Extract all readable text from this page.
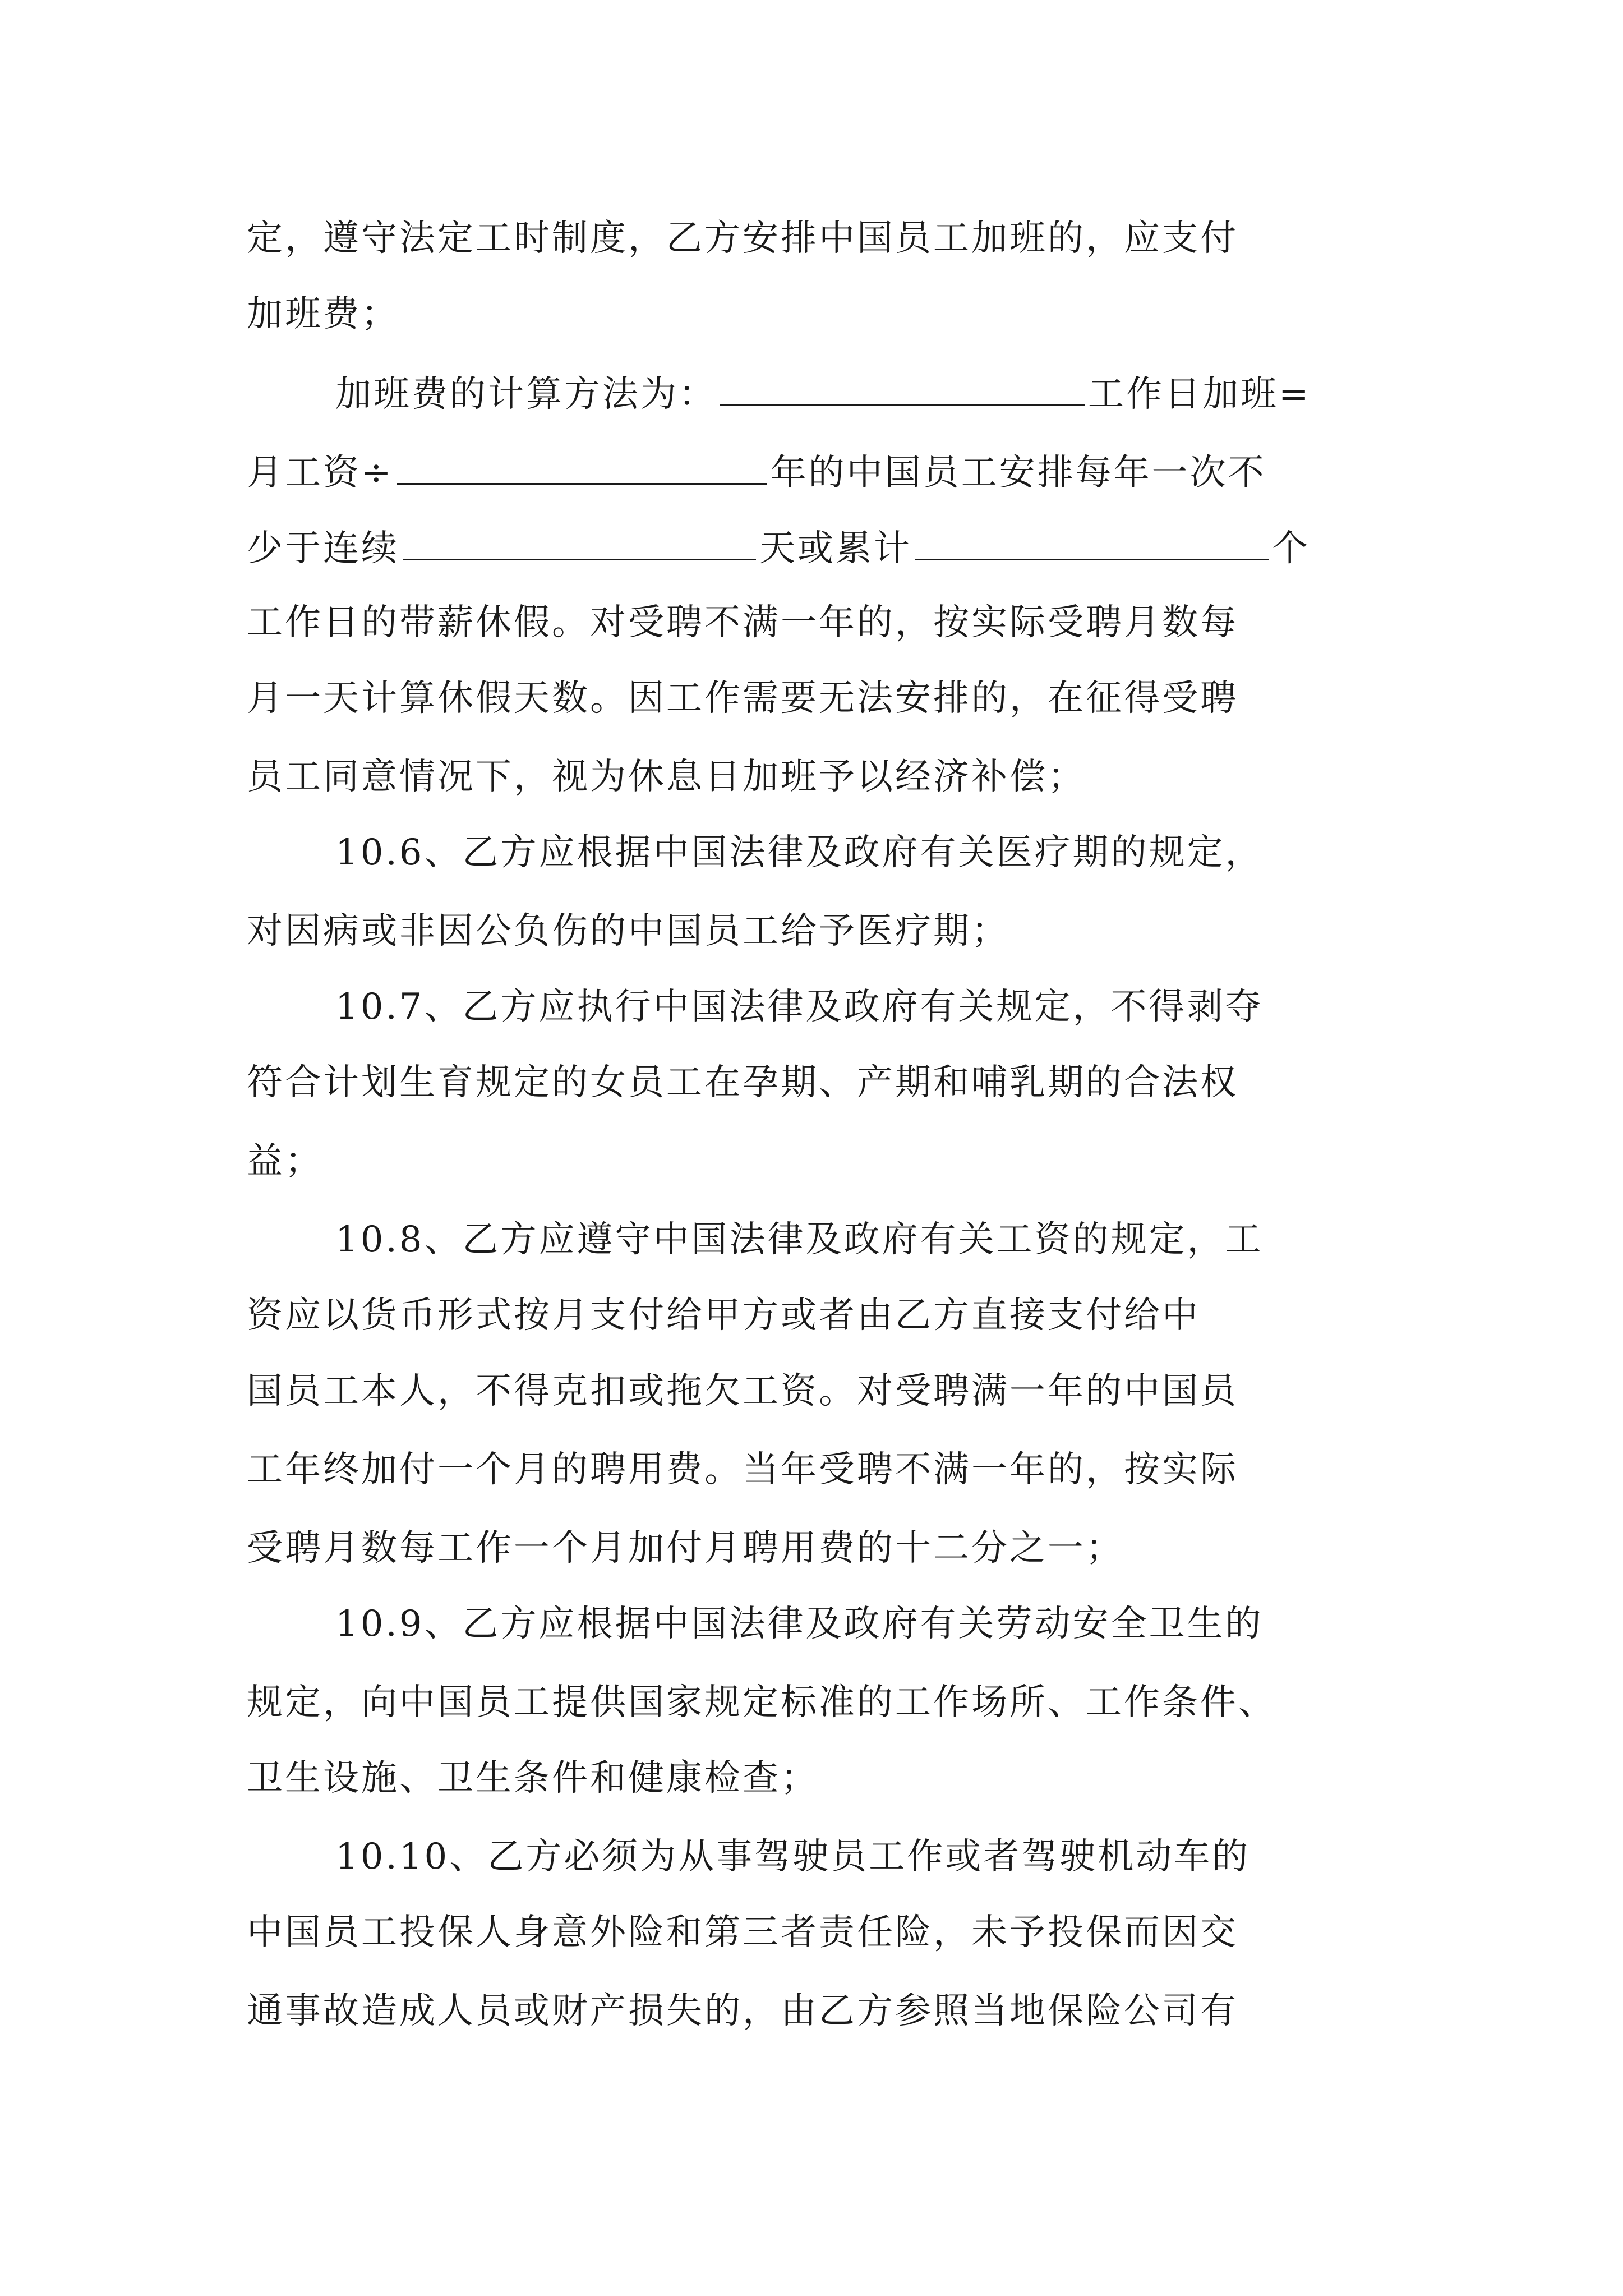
定，遵守法定工时制度，乙方安排中国员工加班的，应支付
加班费；
加班费的计算方法为：	工作日加班=
月工资÷	年的中国员工安排每年一次不
少于连续	天或累计	个
工作日的带薪休假。对受聘不满一年的，按实际受聘月数每
月一天计算休假天数。因工作需要无法安排的，在征得受聘
员工同意情况下，视为休息日加班予以经济补偿；
10.6、乙方应根据中国法律及政府有关医疗期的规定，
对因病或非因公负伤的中国员工给予医疗期；
10.7、乙方应执行中国法律及政府有关规定，不得剥夺
符合计划生育规定的女员工在孕期、产期和哺乳期的合法权
益；
10.8、乙方应遵守中国法律及政府有关工资的规定，工
资应以货币形式按月支付给甲方或者由乙方直接支付给中
国员工本人，不得克扣或拖欠工资。对受聘满一年的中国员
工年终加付一个月的聘用费。当年受聘不满一年的，按实际
受聘月数每工作一个月加付月聘用费的十二分之一；
10.9、乙方应根据中国法律及政府有关劳动安全卫生的
规定，向中国员工提供国家规定标准的工作场所、工作条件、
卫生设施、卫生条件和健康检查；
10.10、乙方必须为从事驾驶员工作或者驾驶机动车的
中国员工投保人身意外险和第三者责任险，未予投保而因交
通事故造成人员或财产损失的，由乙方参照当地保险公司有
